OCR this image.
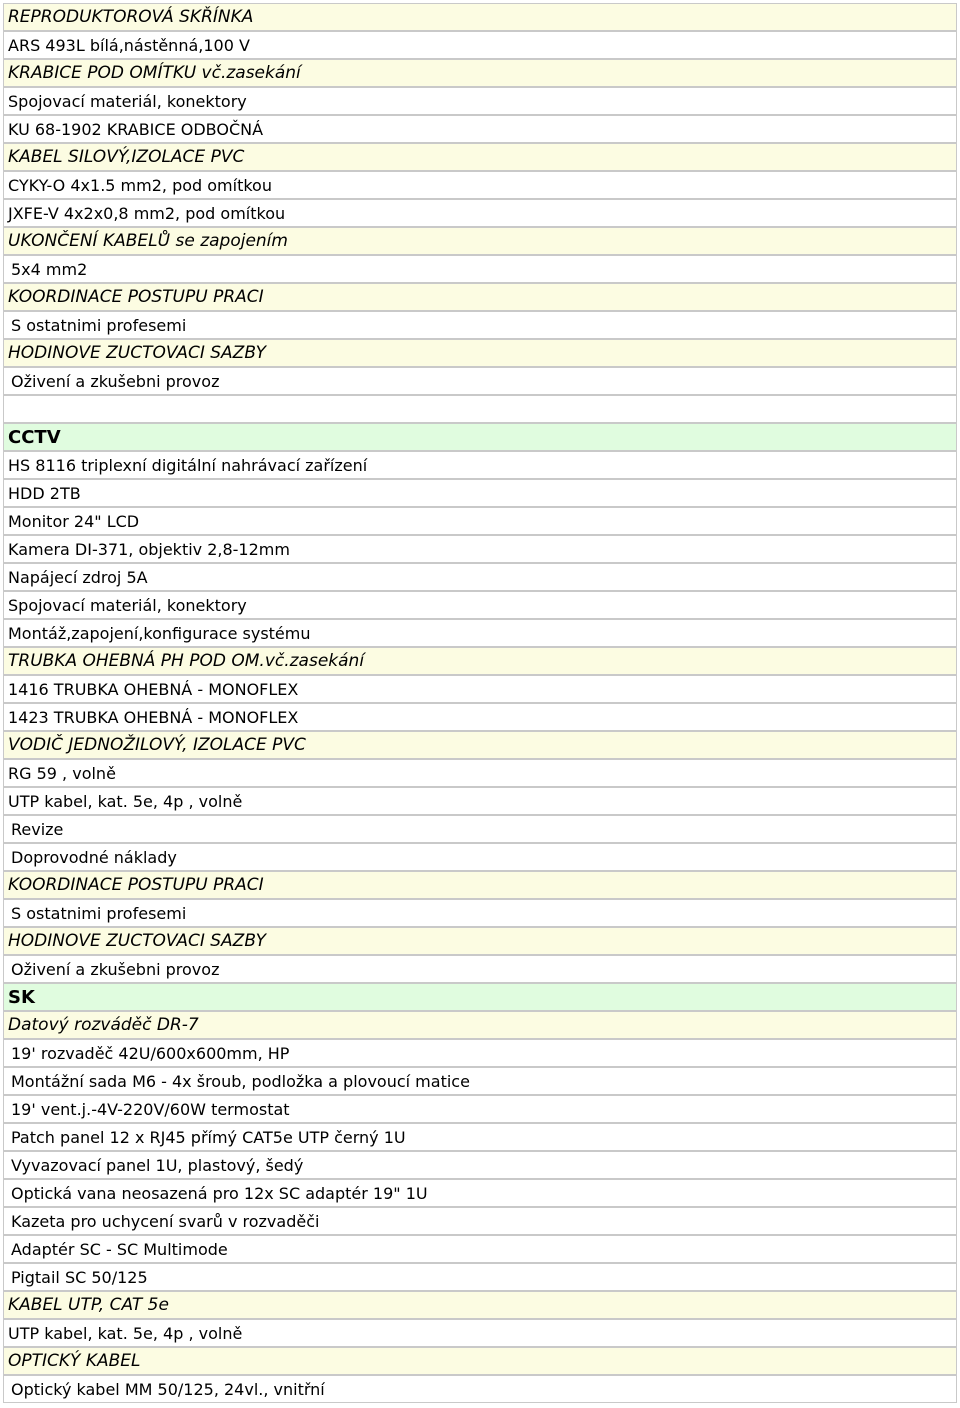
REPRODUKTOROVÁ SKŘÍNKA
ARS 493L bílá,nástěnná,100 V
KRABICE POD OMÍTKU vč.zasekání
Spojovací materiál, konektory
KU 68-1902 KRABICE ODBOČNÁ
KABEL SILOVÝ,IZOLACE PVC
CYKY-O 4x1.5 mm2, pod omítkou
JXFE-V 4x2x0,8 mm2, pod omítkou
UKONČENÍ KABELŮ se zapojením
5x4 mm2
KOORDINACE POSTUPU PRACI
S ostatnimi profesemi
HODINOVE ZUCTOVACI SAZBY
Oživení a zkušebni provoz
CCTV
HS 8116 triplexní digitální nahrávací zařízení
HDD 2TB
Monitor 24" LCD
Kamera DI-371, objektiv 2,8-12mm
Napájecí zdroj 5A
Spojovací materiál, konektory
Montáž,zapojení,konfigurace systému
TRUBKA OHEBNÁ PH POD OM.vč.zasekání
1416 TRUBKA OHEBNÁ - MONOFLEX
1423 TRUBKA OHEBNÁ - MONOFLEX
VODIČ JEDNOŽILOVÝ, IZOLACE PVC
RG 59 , volně
UTP kabel, kat. 5e, 4p , volně
Revize
Doprovodné náklady
KOORDINACE POSTUPU PRACI
S ostatnimi profesemi
HODINOVE ZUCTOVACI SAZBY
Oživení a zkušebni provoz
SK
Datový rozváděč DR-7
19' rozvaděč 42U/600x600mm, HP
Montážní sada M6 - 4x šroub, podložka a plovoucí matice
19' vent.j.-4V-220V/60W termostat
Patch panel 12 x RJ45 přímý CAT5e UTP černý 1U
Vyvazovací panel 1U, plastový, šedý
Optická vana neosazená pro 12x SC adaptér 19" 1U
Kazeta pro uchycení svarů v rozvaděči
Adaptér SC - SC Multimode
Pigtail SC 50/125
KABEL UTP, CAT 5e
UTP kabel, kat. 5e, 4p , volně
OPTICKÝ KABEL
Optický kabel MM 50/125, 24vl., vnitřní
